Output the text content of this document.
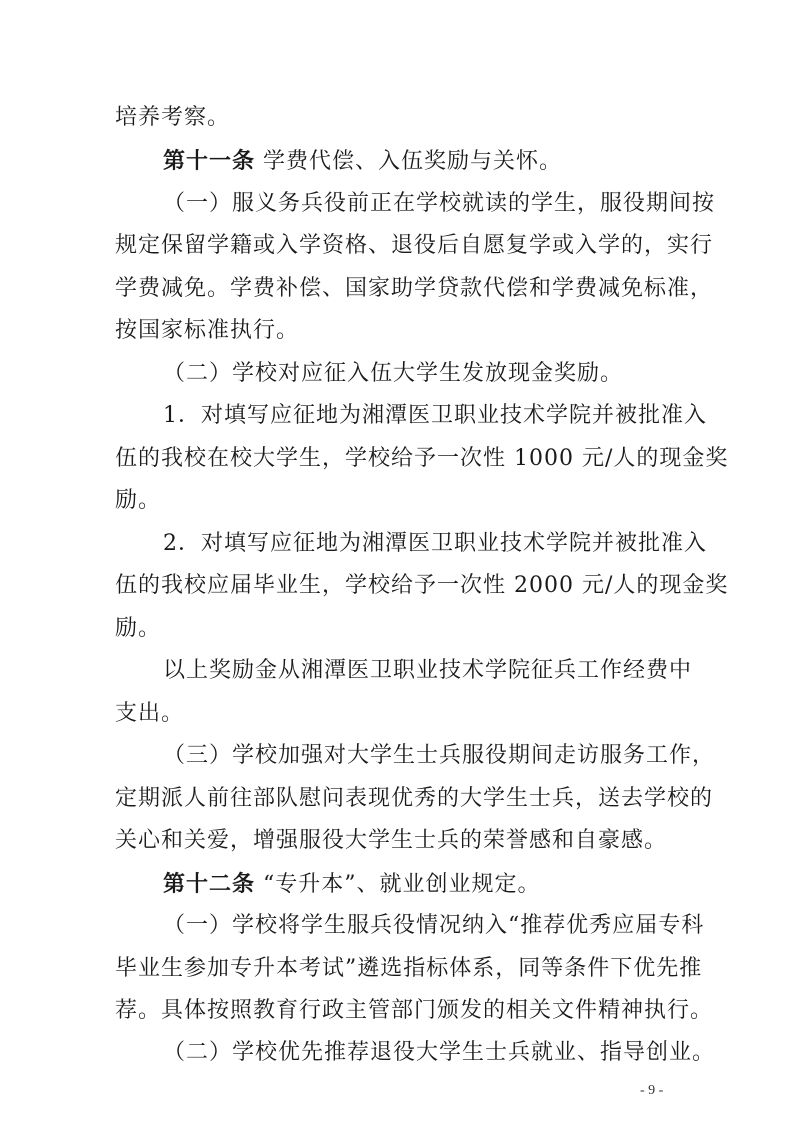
培养考察。
第十一条 学费代偿、入伍奖励与关怀。
（一）服义务兵役前正在学校就读的学生，服役期间按
规定保留学籍或入学资格、退役后自愿复学或入学的，实行
学费减免。学费补偿、国家助学贷款代偿和学费减免标准，
按国家标准执行。
（二）学校对应征入伍大学生发放现金奖励。
1．对填写应征地为湘潭医卫职业技术学院并被批准入
伍的我校在校大学生，学校给予一次性 1000 元/人的现金奖
励。
2．对填写应征地为湘潭医卫职业技术学院并被批准入
伍的我校应届毕业生，学校给予一次性 2000 元/人的现金奖
励。
以上奖励金从湘潭医卫职业技术学院征兵工作经费中
支出。
（三）学校加强对大学生士兵服役期间走访服务工作，
定期派人前往部队慰问表现优秀的大学生士兵，送去学校的
关心和关爱，增强服役大学生士兵的荣誉感和自豪感。
第十二条 “专升本”、就业创业规定。
（一）学校将学生服兵役情况纳入“推荐优秀应届专科
毕业生参加专升本考试”遴选指标体系，同等条件下优先推
荐。具体按照教育行政主管部门颁发的相关文件精神执行。
（二）学校优先推荐退役大学生士兵就业、指导创业。
- 9 -
